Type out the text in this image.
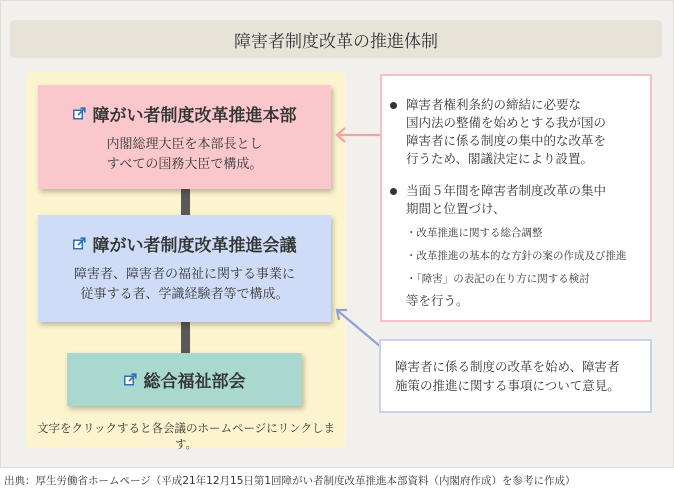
障害者制度改革の推進体制
障がい者制度改革推進本部
内閣総理大臣を本部長とし
すべての国務大臣で構成。
障がい者制度改革推進会議
障害者、障害者の福祉に関する事業に
従事する者、学識経験者等で構成。
総合福祉部会
文字をクリックすると各会議のホームページにリンクします。
障害者権利条約の締結に必要な
国内法の整備を始めとする我が国の
障害者に係る制度の集中的な改革を
行うため、閣議決定により設置。
当面５年間を障害者制度改革の集中
期間と位置づけ、
・改革推進に関する総合調整
・改革推進の基本的な方針の案の作成及び推進
・「障害」の表記の在り方に関する検討
等を行う。
障害者に係る制度の改革を始め、障害者
施策の推進に関する事項について意見。
出典：厚生労働省ホームページ（平成21年12月15日第1回障がい者制度改革推進本部資料（内閣府作成）を参考に作成）
